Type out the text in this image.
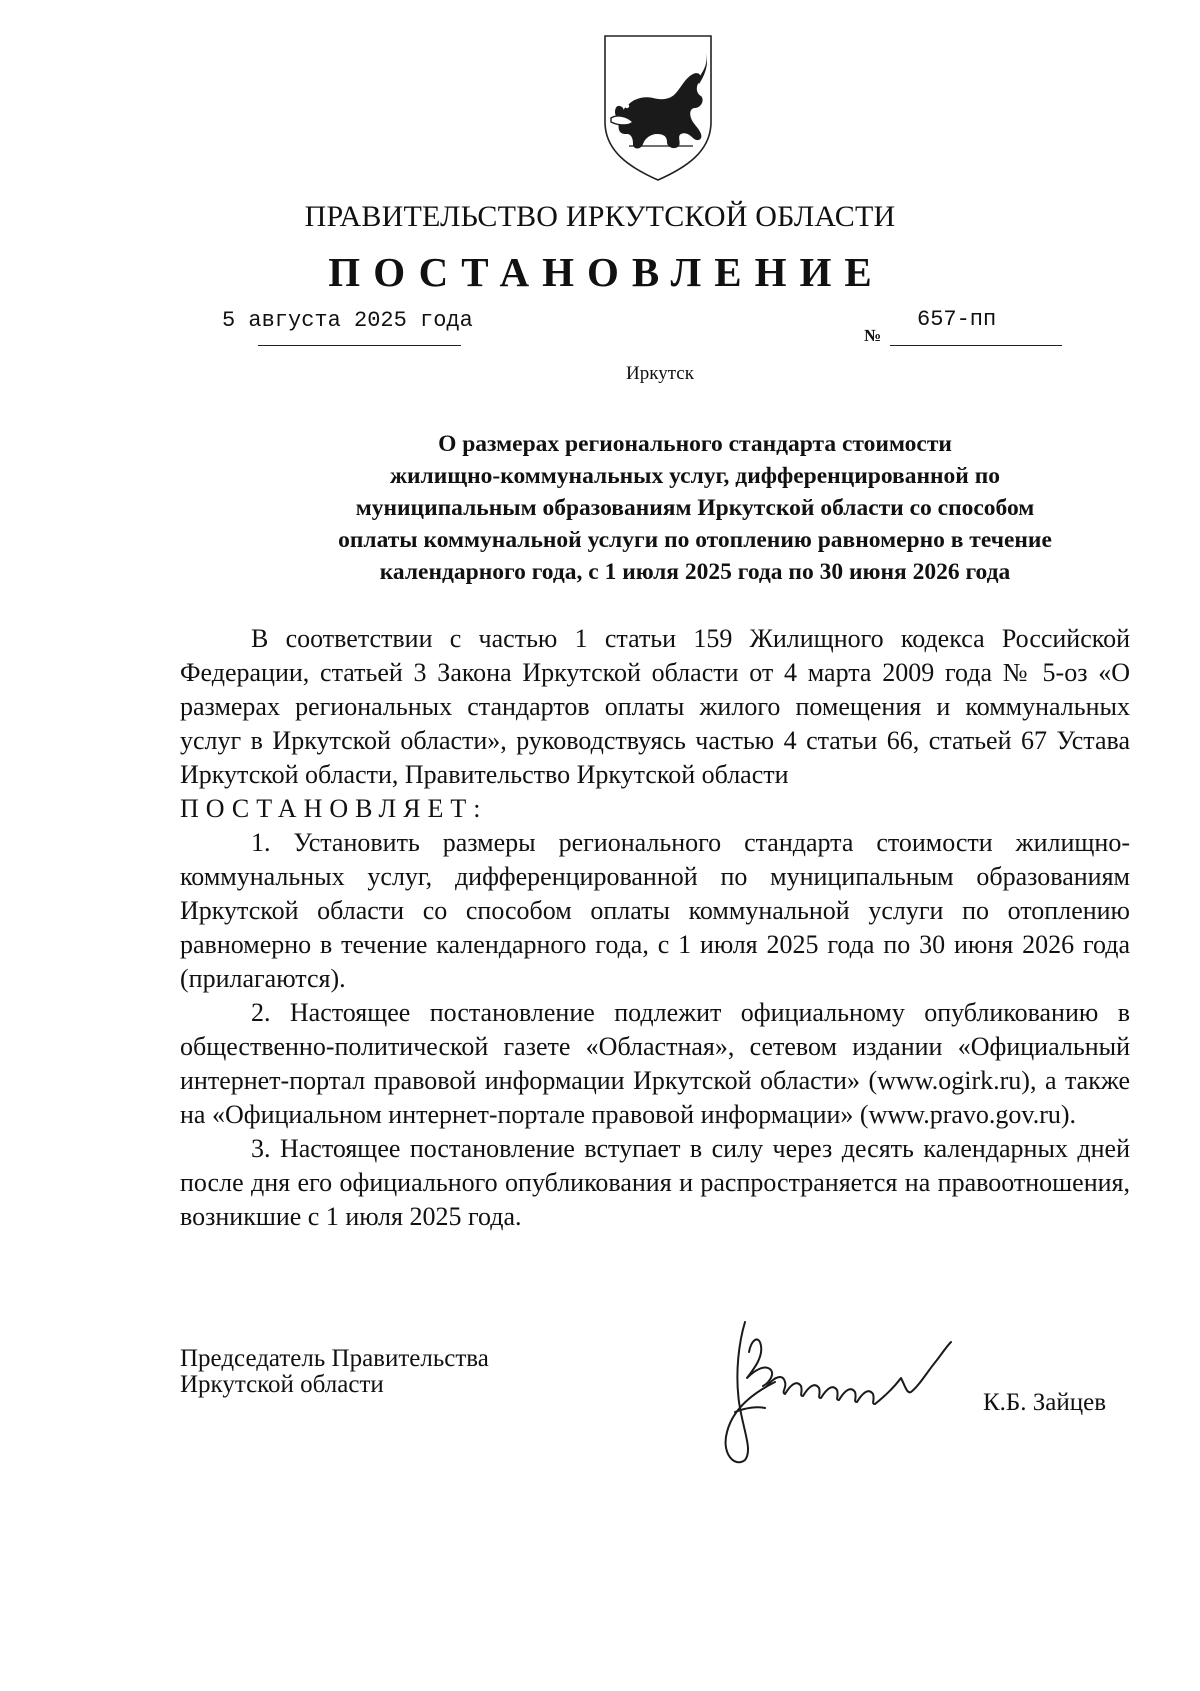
ПРАВИТЕЛЬСТВО ИРКУТСКОЙ ОБЛАСТИ
ПОСТАНОВЛЕНИЕ
5 августа 2025 года
№
657-пп
Иркутск
О размерах регионального стандарта стоимости
жилищно-коммунальных услуг, дифференцированной по
муниципальным образованиям Иркутской области со способом
оплаты коммунальной услуги по отоплению равномерно в течение
календарного года, с 1 июля 2025 года по 30 июня 2026 года

В соответствии с частью 1 статьи 159 Жилищного кодекса Российской Федерации, статьей 3 Закона Иркутской области от 4 марта 2009 года № 5-оз «О размерах региональных стандартов оплаты жилого помещения и коммунальных услуг в Иркутской области», руководствуясь частью 4 статьи 66, статьей 67 Устава Иркутской области, Правительство Иркутской области
ПОСТАНОВЛЯЕТ:

1. Установить размеры регионального стандарта стоимости жилищно-коммунальных услуг, дифференцированной по муниципальным образованиям Иркутской области со способом оплаты коммунальной услуги по отоплению равномерно в течение календарного года, с 1 июля 2025 года по 30 июня 2026 года (прилагаются).

2. Настоящее постановление подлежит официальному опубликованию в общественно-политической газете «Областная», сетевом издании «Официальный интернет-портал правовой информации Иркутской области» (www.ogirk.ru), а также на «Официальном интернет-портале правовой информации» (www.pravo.gov.ru).

3. Настоящее постановление вступает в силу через десять календарных дней после дня его официального опубликования и распространяется на правоотношения, возникшие с 1 июля 2025 года.

Председатель Правительства
Иркутской области
К.Б. Зайцев
